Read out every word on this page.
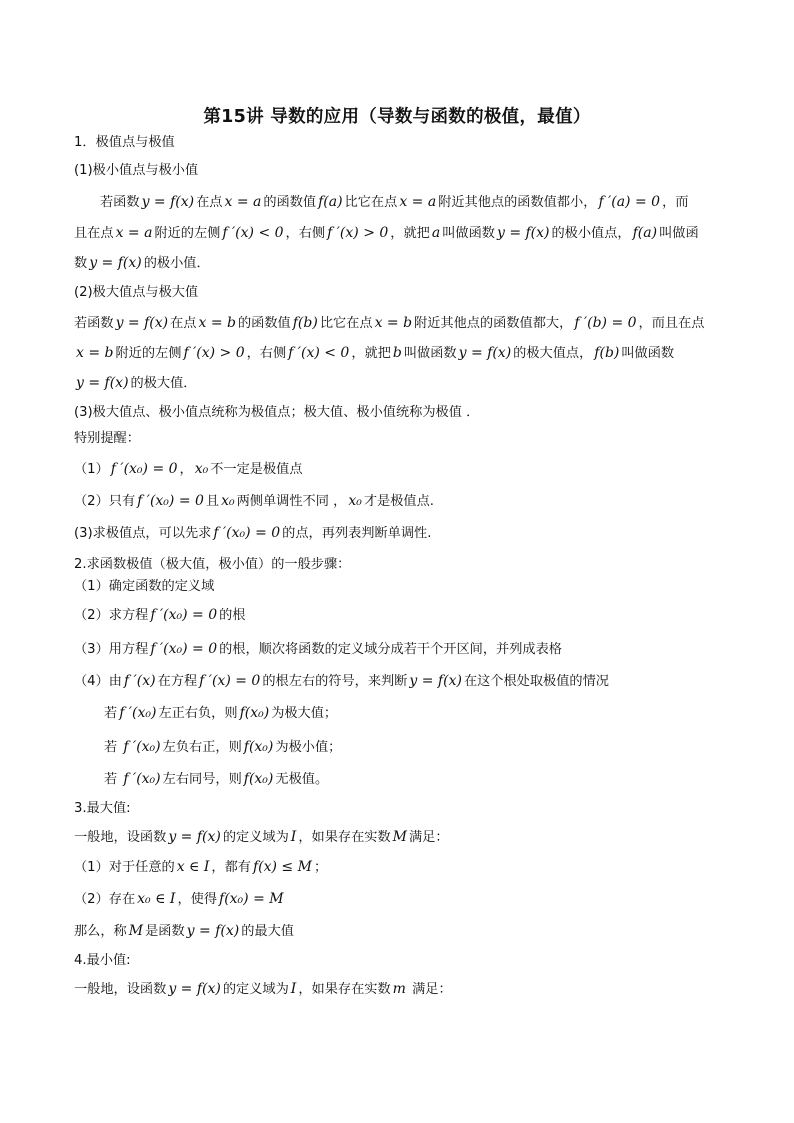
第15讲 导数的应用（导数与函数的极值，最值）
1．极值点与极值
(1)极小值点与极小值
若函数 y = f(x) 在点 x = a 的函数值 f(a) 比它在点 x = a 附近其他点的函数值都小， f ′(a) = 0 ，而
且在点 x = a 附近的左侧 f ′(x) < 0 ，右侧 f ′(x) > 0 ，就把 a 叫做函数 y = f(x) 的极小值点， f(a) 叫做函
数 y = f(x) 的极小值．
(2)极大值点与极大值
若函数 y = f(x) 在点 x = b 的函数值 f(b) 比它在点 x = b 附近其他点的函数值都大， f ′(b) = 0 ，而且在点
x = b 附近的左侧 f ′(x) > 0 ，右侧 f ′(x) < 0 ，就把 b 叫做函数 y = f(x) 的极大值点， f(b) 叫做函数
y = f(x) 的极大值．
(3)极大值点、极小值点统称为极值点；极大值、极小值统称为极值 ．
特别提醒：
（1） f ′(x₀) = 0 ， x₀ 不一定是极值点
（2）只有 f ′(x₀) = 0 且 x₀ 两侧单调性不同 ， x₀ 才是极值点.
(3)求极值点，可以先求 f ′(x₀) = 0 的点，再列表判断单调性.
2.求函数极值（极大值，极小值）的一般步骤：
（1）确定函数的定义域
（2）求方程 f ′(x₀) = 0 的根
（3）用方程 f ′(x₀) = 0 的根，顺次将函数的定义域分成若干个开区间，并列成表格
（4）由 f ′(x) 在方程 f ′(x) = 0 的根左右的符号，来判断 y = f(x) 在这个根处取极值的情况
若 f ′(x₀) 左正右负，则 f(x₀) 为极大值；
若 f ′(x₀) 左负右正，则 f(x₀) 为极小值；
若 f ′(x₀) 左右同号，则 f(x₀) 无极值。
3.最大值:
一般地，设函数 y = f(x) 的定义域为 I ，如果存在实数 M 满足：
（1）对于任意的 x ∈ I ，都有 f(x) ≤ M ；
（2）存在 x₀ ∈ I ，使得 f(x₀) = M
那么，称 M 是函数 y = f(x) 的最大值
4.最小值:
一般地，设函数 y = f(x) 的定义域为 I ，如果存在实数 m 满足：
